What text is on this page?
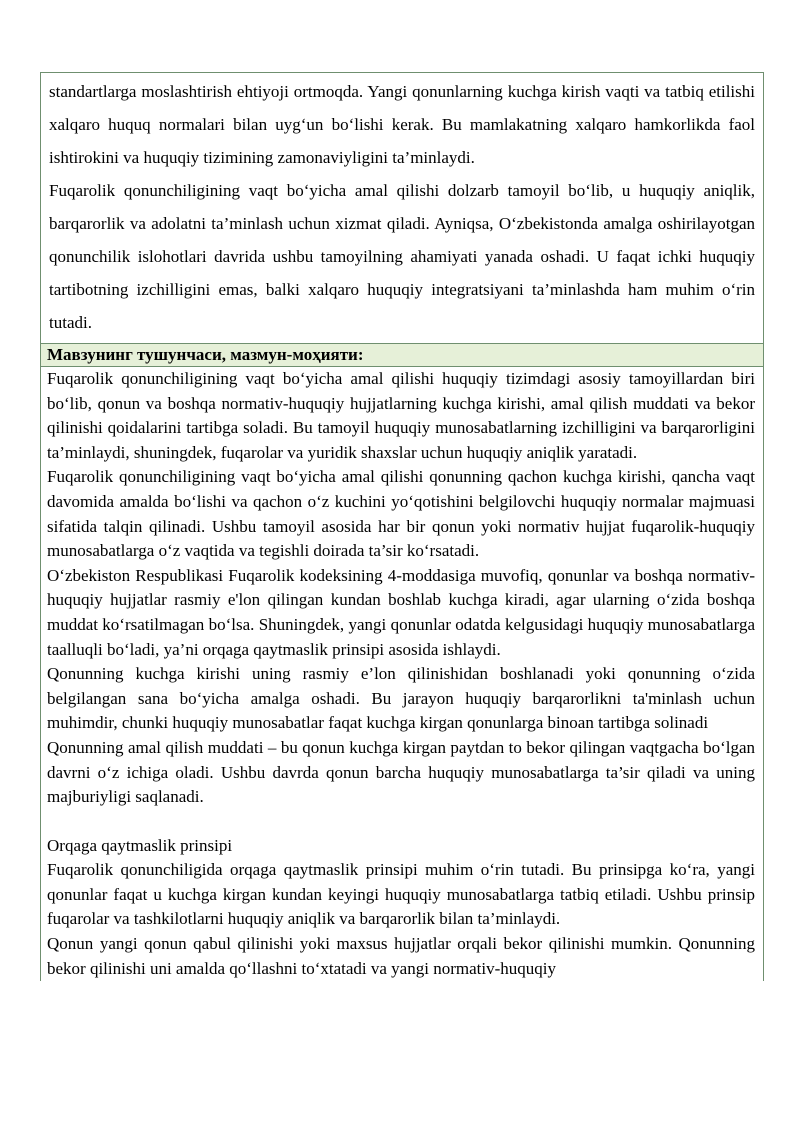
standartlarga moslashtirish ehtiyoji ortmoqda. Yangi qonunlarning kuchga kirish vaqti va tatbiq etilishi xalqaro huquq normalari bilan uyg‘un bo‘lishi kerak. Bu mamlakatning xalqaro hamkorlikda faol ishtirokini va huquqiy tizimining zamonaviyligini ta’minlaydi.

Fuqarolik qonunchiligining vaqt bo‘yicha amal qilishi dolzarb tamoyil bo‘lib, u huquqiy aniqlik, barqarorlik va adolatni ta’minlash uchun xizmat qiladi. Ayniqsa, O‘zbekistonda amalga oshirilayotgan qonunchilik islohotlari davrida ushbu tamoyilning ahamiyati yanada oshadi. U faqat ichki huquqiy tartibotning izchilligini emas, balki xalqaro huquqiy integratsiyani ta’minlashda ham muhim o‘rin tutadi.

Мавзунинг тушунчаси, мазмун-моҳияти:

Fuqarolik qonunchiligining vaqt bo‘yicha amal qilishi huquqiy tizimdagi asosiy tamoyillardan biri bo‘lib, qonun va boshqa normativ-huquqiy hujjatlarning kuchga kirishi, amal qilish muddati va bekor qilinishi qoidalarini tartibga soladi. Bu tamoyil huquqiy munosabatlarning izchilligini va barqarorligini ta’minlaydi, shuningdek, fuqarolar va yuridik shaxslar uchun huquqiy aniqlik yaratadi.

Fuqarolik qonunchiligining vaqt bo‘yicha amal qilishi qonunning qachon kuchga kirishi, qancha vaqt davomida amalda bo‘lishi va qachon o‘z kuchini yo‘qotishini belgilovchi huquqiy normalar majmuasi sifatida talqin qilinadi. Ushbu tamoyil asosida har bir qonun yoki normativ hujjat fuqarolik-huquqiy munosabatlarga o‘z vaqtida va tegishli doirada ta’sir ko‘rsatadi.

O‘zbekiston Respublikasi Fuqarolik kodeksining 4-moddasiga muvofiq, qonunlar va boshqa normativ-huquqiy hujjatlar rasmiy e'lon qilingan kundan boshlab kuchga kiradi, agar ularning o‘zida boshqa muddat ko‘rsatilmagan bo‘lsa. Shuningdek, yangi qonunlar odatda kelgusidagi huquqiy munosabatlarga taalluqli bo‘ladi, ya’ni orqaga qaytmaslik prinsipi asosida ishlaydi.

Qonunning kuchga kirishi uning rasmiy e’lon qilinishidan boshlanadi yoki qonunning o‘zida belgilangan sana bo‘yicha amalga oshadi. Bu jarayon huquqiy barqarorlikni ta'minlash uchun muhimdir, chunki huquqiy munosabatlar faqat kuchga kirgan qonunlarga binoan tartibga solinadi

Qonunning amal qilish muddati – bu qonun kuchga kirgan paytdan to bekor qilingan vaqtgacha bo‘lgan davrni o‘z ichiga oladi. Ushbu davrda qonun barcha huquqiy munosabatlarga ta’sir qiladi va uning majburiyligi saqlanadi.

Orqaga qaytmaslik prinsipi

Fuqarolik qonunchiligida orqaga qaytmaslik prinsipi muhim o‘rin tutadi. Bu prinsipga ko‘ra, yangi qonunlar faqat u kuchga kirgan kundan keyingi huquqiy munosabatlarga tatbiq etiladi. Ushbu prinsip fuqarolar va tashkilotlarni huquqiy aniqlik va barqarorlik bilan ta’minlaydi.

Qonun yangi qonun qabul qilinishi yoki maxsus hujjatlar orqali bekor qilinishi mumkin. Qonunning bekor qilinishi uni amalda qo‘llashni to‘xtatadi va yangi normativ-huquqiy
